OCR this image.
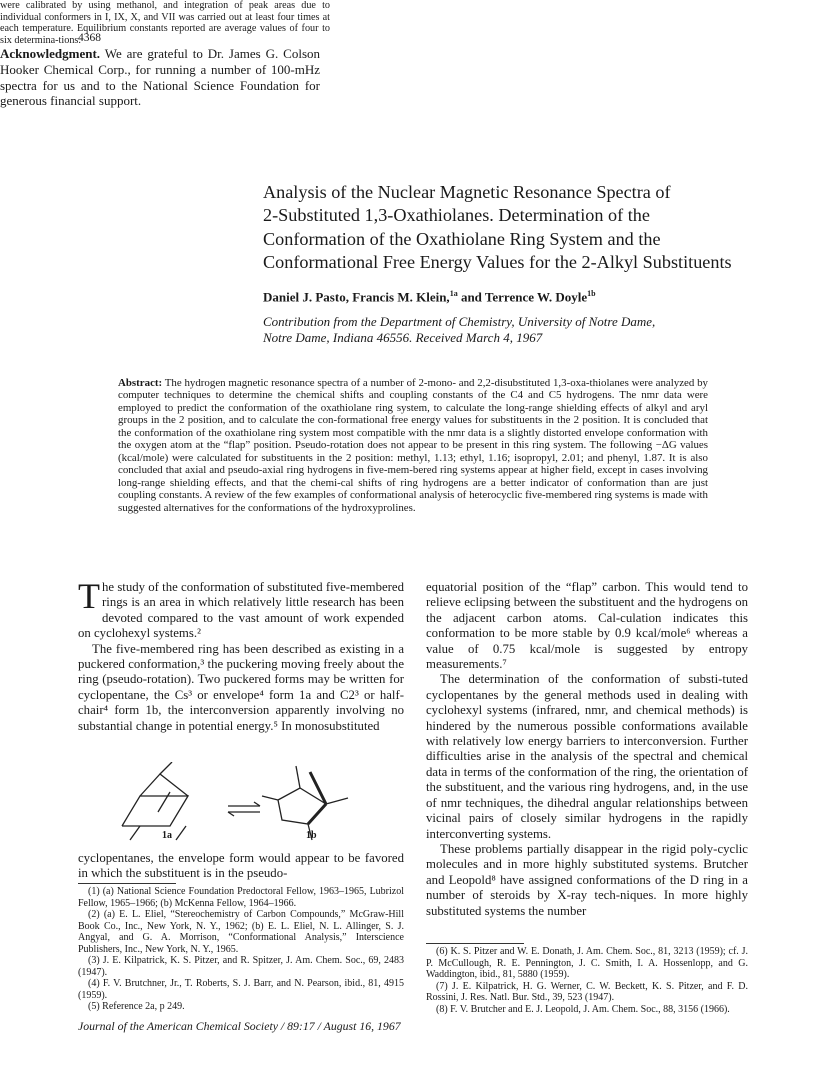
4368
were calibrated by using methanol, and integration of peak areas due to individual conformers in I, IX, X, and VII was carried out at least four times at each temperature. Equilibrium constants reported are average values of four to six determina-tions.
Acknowledgment. We are grateful to Dr. James G. Colson Hooker Chemical Corp., for running a number of 100-mHz spectra for us and to the National Science Foundation for generous financial support.
Analysis of the Nuclear Magnetic Resonance Spectra of
2-Substituted 1,3-Oxathiolanes. Determination of the
Conformation of the Oxathiolane Ring System and the
Conformational Free Energy Values for the 2-Alkyl Substituents
Daniel J. Pasto, Francis M. Klein,$^{1a}$ and Terrence W. Doyle$^{1b}$
Contribution from the Department of Chemistry, University of Notre Dame,
Notre Dame, Indiana 46556. Received March 4, 1967
Abstract: The hydrogen magnetic resonance spectra of a number of 2-mono- and 2,2-disubstituted 1,3-oxa-thiolanes were analyzed by computer techniques to determine the chemical shifts and coupling constants of the C4 and C5 hydrogens. The nmr data were employed to predict the conformation of the oxathiolane ring system, to calculate the long-range shielding effects of alkyl and aryl groups in the 2 position, and to calculate the con-formational free energy values for substituents in the 2 position. It is concluded that the conformation of the oxathiolane ring system most compatible with the nmr data is a slightly distorted envelope conformation with the oxygen atom at the “flap” position. Pseudo-rotation does not appear to be present in this ring system. The following −ΔG values (kcal/mole) were calculated for substituents in the 2 position: methyl, 1.13; ethyl, 1.16; isopropyl, 2.01; and phenyl, 1.87. It is also concluded that axial and pseudo-axial ring hydrogens in five-mem-bered ring systems appear at higher field, except in cases involving long-range shielding effects, and that the chemi-cal shifts of ring hydrogens are a better indicator of conformation than are just coupling constants. A review of the few examples of conformational analysis of heterocyclic five-membered ring systems is made with suggested alternatives for the conformations of the hydroxyprolines.

The study of the conformation of substituted five-membered rings is an area in which relatively little research has been devoted compared to the vast amount of work expended on cyclohexyl systems.²

The five-membered ring has been described as existing in a puckered conformation,³ the puckering moving freely about the ring (pseudo-rotation). Two puckered forms may be written for cyclopentane, the Cs³ or envelope⁴ form 1a and C2³ or half-chair⁴ form 1b, the interconversion apparently involving no substantial change in potential energy.⁵ In monosubstituted

1a	1b
cyclopentanes, the envelope form would appear to be favored in which the substituent is in the pseudo-

(1) (a) National Science Foundation Predoctoral Fellow, 1963–1965, Lubrizol Fellow, 1965–1966; (b) McKenna Fellow, 1964–1966.

(2) (a) E. L. Eliel, “Stereochemistry of Carbon Compounds,” McGraw-Hill Book Co., Inc., New York, N. Y., 1962; (b) E. L. Eliel, N. L. Allinger, S. J. Angyal, and G. A. Morrison, “Conformational Analysis,” Interscience Publishers, Inc., New York, N. Y., 1965.

(3) J. E. Kilpatrick, K. S. Pitzer, and R. Spitzer, J. Am. Chem. Soc., 69, 2483 (1947).

(4) F. V. Brutchner, Jr., T. Roberts, S. J. Barr, and N. Pearson, ibid., 81, 4915 (1959).

(5) Reference 2a, p 249.

equatorial position of the “flap” carbon. This would tend to relieve eclipsing between the substituent and the hydrogens on the adjacent carbon atoms. Cal-culation indicates this conformation to be more stable by 0.9 kcal/mole⁶ whereas a value of 0.75 kcal/mole is suggested by entropy measurements.⁷

The determination of the conformation of substi-tuted cyclopentanes by the general methods used in dealing with cyclohexyl systems (infrared, nmr, and chemical methods) is hindered by the numerous possible conformations available with relatively low energy barriers to interconversion. Further difficulties arise in the analysis of the spectral and chemical data in terms of the conformation of the ring, the orientation of the substituent, and the various ring hydrogens, and, in the use of nmr techniques, the dihedral angular relationships between vicinal pairs of closely similar hydrogens in the rapidly interconverting systems.

These problems partially disappear in the rigid poly-cyclic molecules and in more highly substituted systems. Brutcher and Leopold⁸ have assigned conformations of the D ring in a number of steroids by X-ray tech-niques. In more highly substituted systems the number

(6) K. S. Pitzer and W. E. Donath, J. Am. Chem. Soc., 81, 3213 (1959); cf. J. P. McCullough, R. E. Pennington, J. C. Smith, I. A. Hossenlopp, and G. Waddington, ibid., 81, 5880 (1959).

(7) J. E. Kilpatrick, H. G. Werner, C. W. Beckett, K. S. Pitzer, and F. D. Rossini, J. Res. Natl. Bur. Std., 39, 523 (1947).

(8) F. V. Brutcher and E. J. Leopold, J. Am. Chem. Soc., 88, 3156 (1966).

Journal of the American Chemical Society / 89:17 / August 16, 1967
